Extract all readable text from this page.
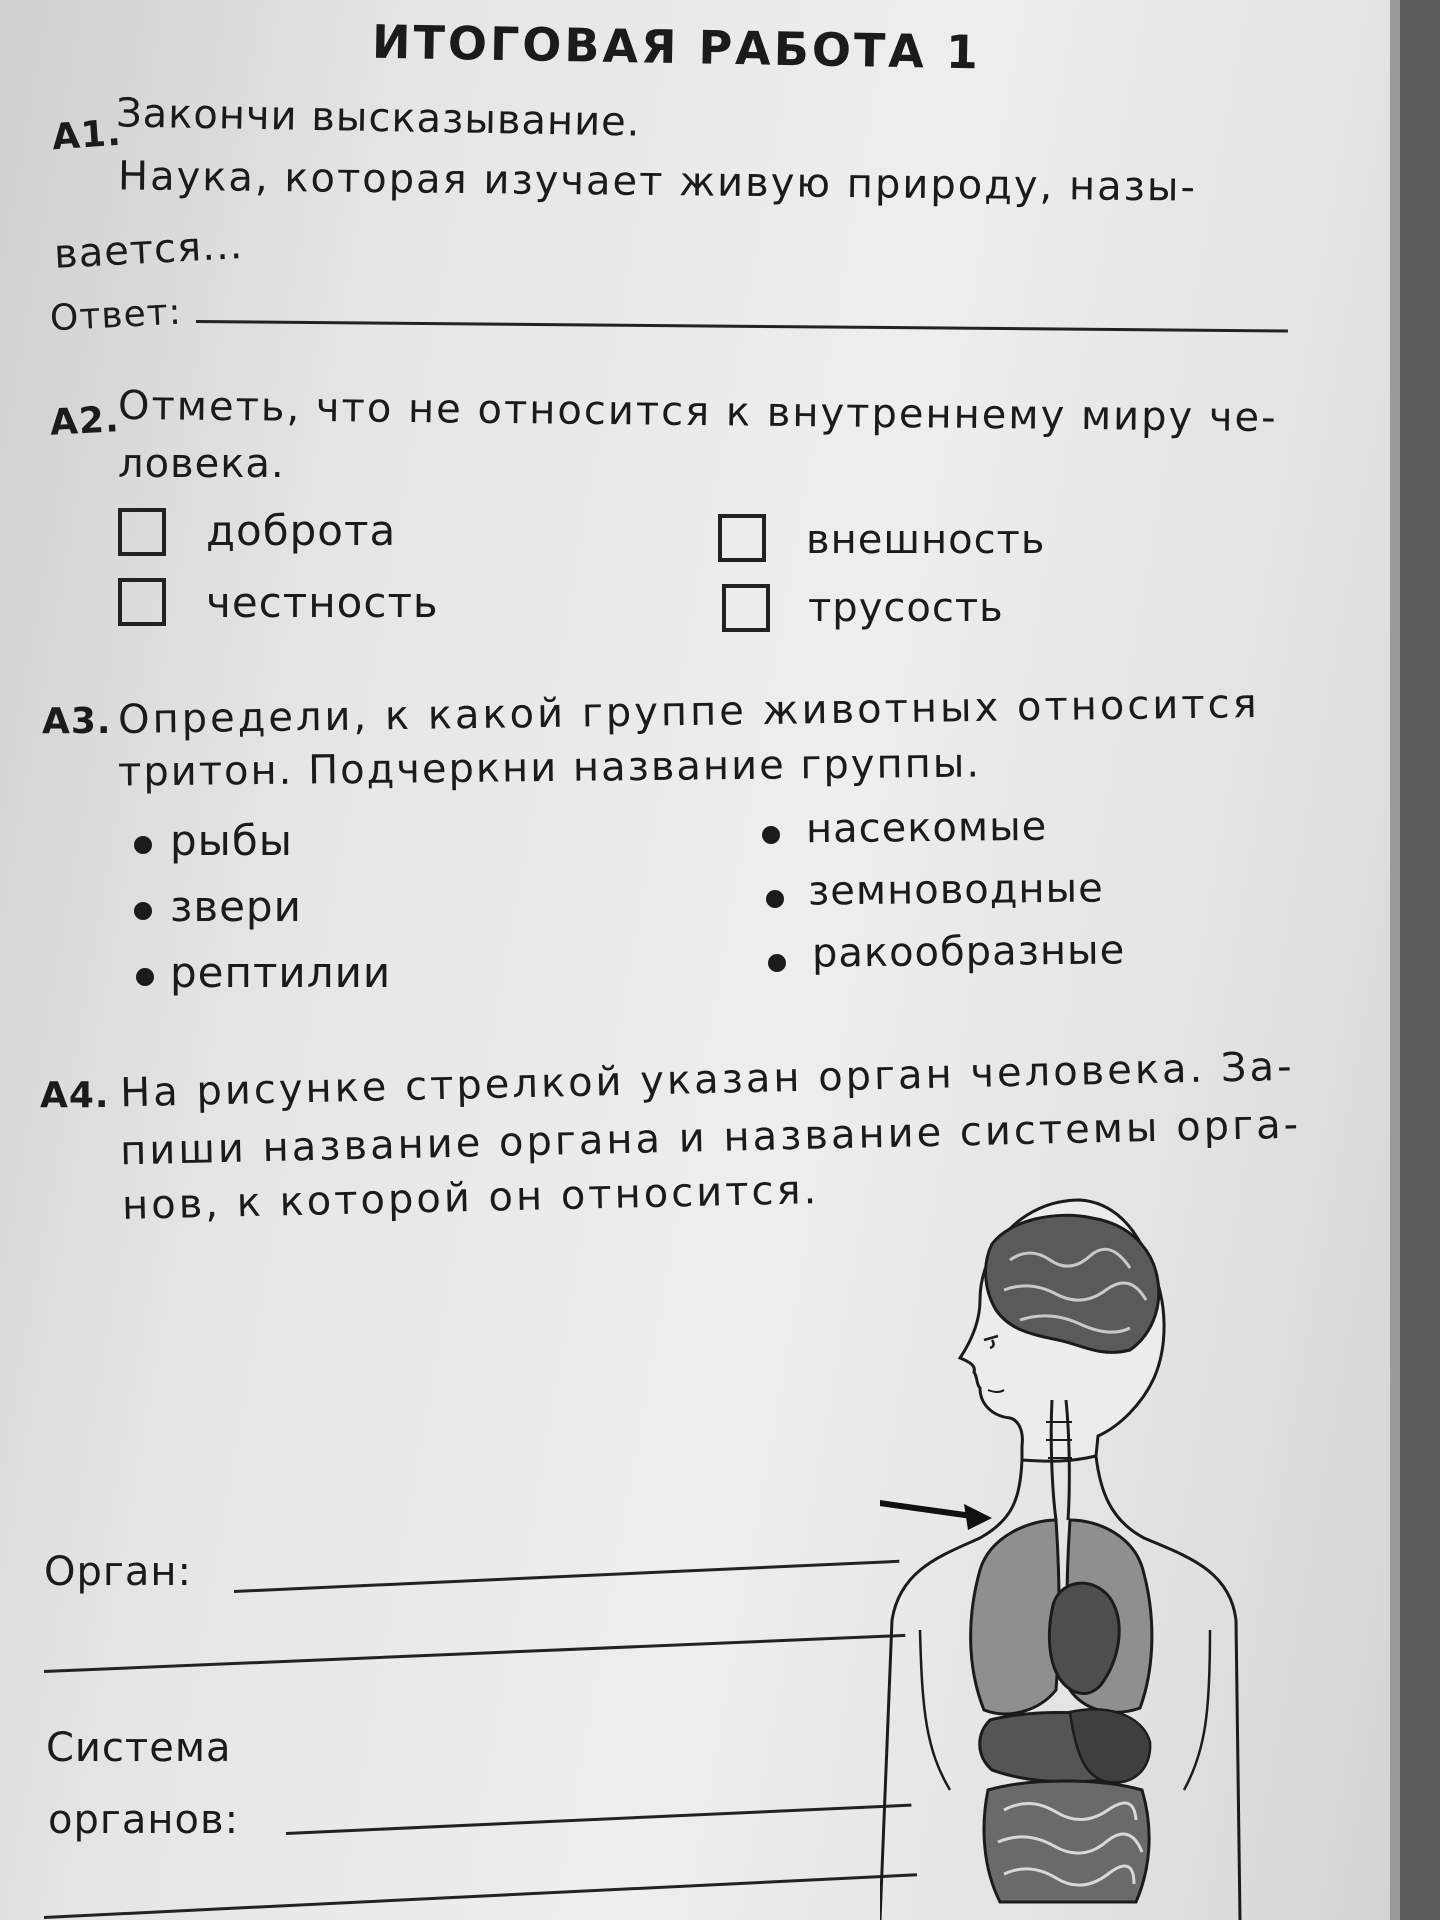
ИТОГОВАЯ РАБОТА 1
А1.
Закончи высказывание.
Наука, которая изучает живую природу, назы-
вается...
Ответ:
А2.
Отметь, что не относится к внутреннему миру че-
ловека.
доброта
честность
внешность
трусость
А3. Определи, к какой группе животных относится
тритон. Подчеркни название группы.
рыбы
звери
рептилии
насекомые
земноводные
ракообразные
А4. На рисунке стрелкой указан орган человека. За-
пиши название органа и название системы орга-
нов, к которой он относится.
Орган:
Система
органов:
